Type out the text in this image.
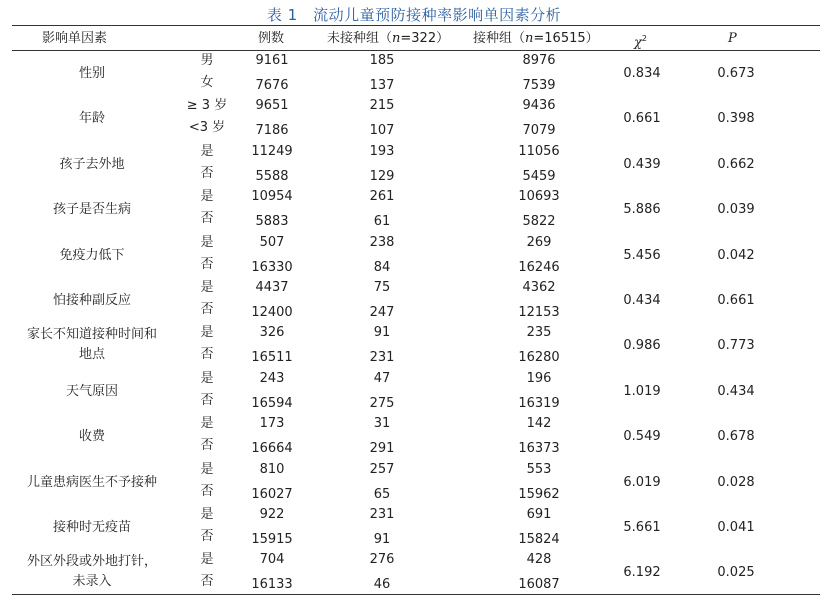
表 1　流动儿童预防接种率影响单因素分析
影响单因素	例数	未接种组（n=322） 接种组（n=16515）	$\chi^2$	P
性别
男	9161	185	8976
女	7676	137	7539
0.834	0.673
年龄
≥ 3 岁	9651	215	9436
<3 岁	7186	107	7079
0.661	0.398
孩子去外地
是	11249	193	11056
否	5588	129	5459
0.439	0.662
孩子是否生病
是	10954	261	10693
否	5883	61	5822
5.886	0.039
免疫力低下
是	507	238	269
否	16330	84	16246
5.456	0.042
怕接种副反应
是	4437	75	4362
否	12400	247	12153
0.434	0.661
家长不知道接种时间和
地点
是	326	91	235
否	16511	231	16280
0.986	0.773
天气原因
是	243	47	196
否	16594	275	16319
1.019	0.434
收费
是	173	31	142
否	16664	291	16373
0.549	0.678
儿童患病医生不予接种
是	810	257	553
否	16027	65	15962
6.019	0.028
接种时无疫苗
是	922	231	691
否	15915	91	15824
5.661	0.041
外区外段或外地打针，
未录入
是	704	276	428
否	16133	46	16087
6.192	0.025
